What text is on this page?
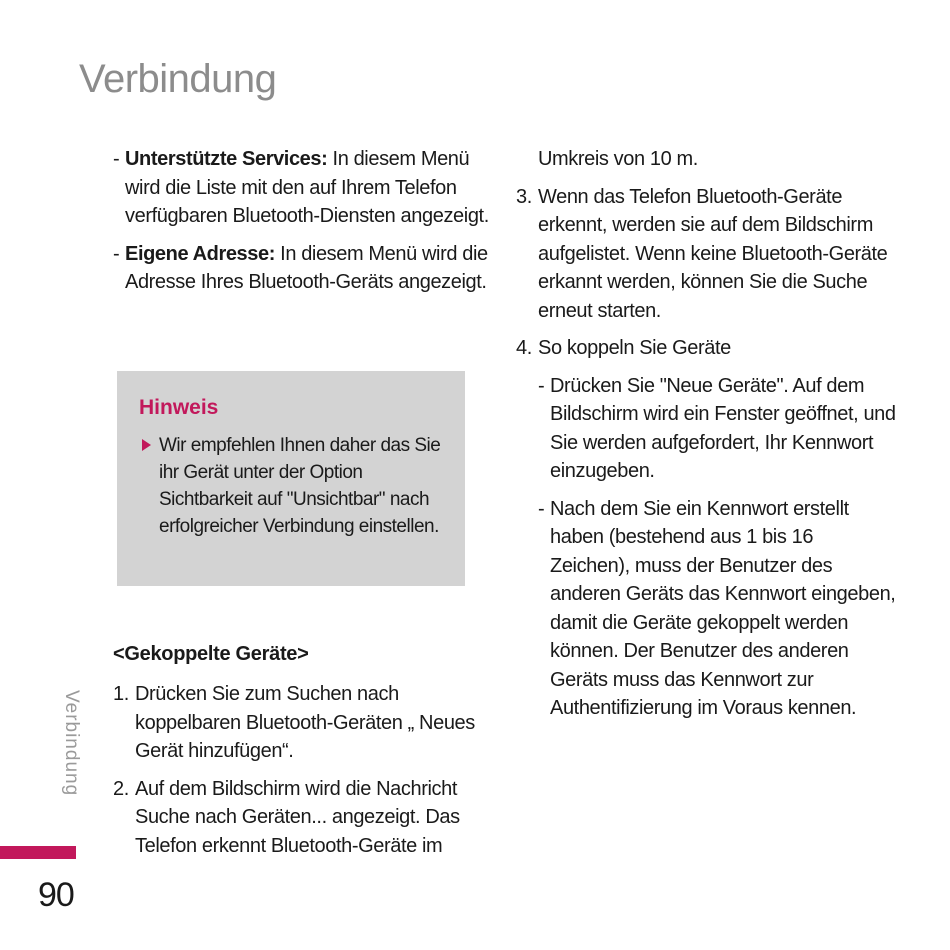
Verbindung
- Unterstützte Services: In diesem Menü wird die Liste mit den auf Ihrem Telefon verfügbaren Bluetooth-Diensten angezeigt.
- Eigene Adresse: In diesem Menü wird die Adresse Ihres Bluetooth-Geräts angezeigt.
Hinweis
Wir empfehlen Ihnen daher das Sie ihr Gerät unter der Option Sichtbarkeit auf "Unsichtbar" nach erfolgreicher Verbindung einstellen.
<Gekoppelte Geräte>
1. Drücken Sie zum Suchen nach koppelbaren Bluetooth-Geräten „ Neues Gerät hinzufügen“.
2. Auf dem Bildschirm wird die Nachricht Suche nach Geräten... angezeigt. Das Telefon erkennt Bluetooth-Geräte im
Umkreis von 10 m.
3. Wenn das Telefon Bluetooth-Geräte erkennt, werden sie auf dem Bildschirm aufgelistet. Wenn keine Bluetooth-Geräte erkannt werden, können Sie die Suche erneut starten.
4. So koppeln Sie Geräte
- Drücken Sie "Neue Geräte". Auf dem Bildschirm wird ein Fenster geöffnet, und Sie werden aufgefordert, Ihr Kennwort einzugeben.
- Nach dem Sie ein Kennwort erstellt haben (bestehend aus 1 bis 16 Zeichen), muss der Benutzer des anderen Geräts das Kennwort eingeben, damit die Geräte gekoppelt werden können. Der Benutzer des anderen Geräts muss das Kennwort zur Authentifizierung im Voraus kennen.
Verbindung
90
